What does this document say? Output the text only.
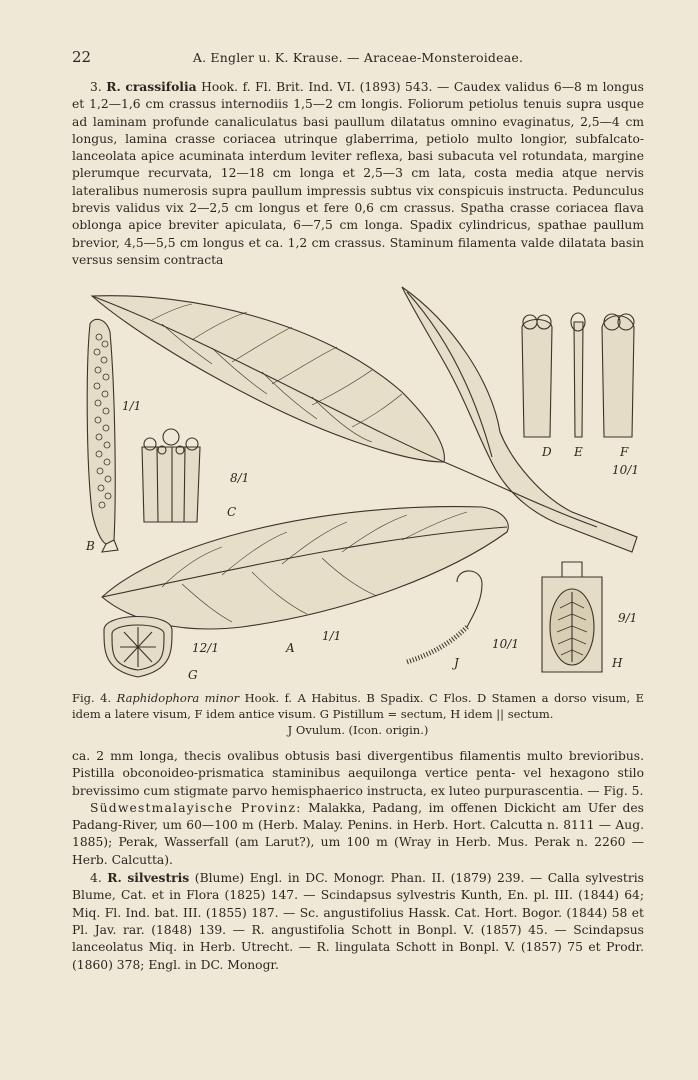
22	A. Engler u. K. Krause. — Araceae-Monsteroideae.

3. R. crassifolia Hook. f. Fl. Brit. Ind. VI. (1893) 543. — Caudex validus 6—8 m longus et 1,2—1,6 cm crassus internodiis 1,5—2 cm longis. Foliorum petiolus tenuis supra usque ad laminam profunde canaliculatus basi paullum dilatatus omnino evaginatus, 2,5—4 cm longus, lamina crasse coriacea utrinque glaberrima, petiolo multo longior, subfalcato-lanceolata apice acuminata interdum leviter reflexa, basi subacuta vel rotundata, margine plerumque recurvata, 12—18 cm longa et 2,5—3 cm lata, costa media atque nervis lateralibus numerosis supra paullum impressis subtus vix conspicuis instructa. Pedunculus brevis validus vix 2—2,5 cm longus et fere 0,6 cm crassus. Spatha crasse coriacea flava oblonga apice breviter apiculata, 6—7,5 cm longa. Spadix cylindricus, spathae paullum brevior, 4,5—5,5 cm longus et ca. 1,2 cm crassus. Staminum filamenta valde dilatata basin versus sensim contracta

1/1
B
8/1
C
D E	F
10/1
1/1
A
12/1
G
10/1
J
9/1
H
Fig. 4. Raphidophora minor Hook. f. A Habitus. B Spadix. C Flos. D Stamen a dorso visum, E idem a latere visum, F idem antice visum. G Pistillum = sectum, H idem || sectum.
J Ovulum. (Icon. origin.)

ca. 2 mm longa, thecis ovalibus obtusis basi divergentibus filamentis multo brevioribus. Pistilla obconoideo-prismatica staminibus aequilonga vertice penta- vel hexagono stilo brevissimo cum stigmate parvo hemisphaerico instructa, ex luteo purpurascentia. — Fig. 5.

Südwestmalayische Provinz: Malakka, Padang, im offenen Dickicht am Ufer des Padang-River, um 60—100 m (Herb. Malay. Penins. in Herb. Hort. Calcutta n. 8111 — Aug. 1885); Perak, Wasserfall (am Larut?), um 100 m (Wray in Herb. Mus. Perak n. 2260 — Herb. Calcutta).

4. R. silvestris (Blume) Engl. in DC. Monogr. Phan. II. (1879) 239. — Calla sylvestris Blume, Cat. et in Flora (1825) 147. — Scindapsus sylvestris Kunth, En. pl. III. (1844) 64; Miq. Fl. Ind. bat. III. (1855) 187. — Sc. angustifolius Hassk. Cat. Hort. Bogor. (1844) 58 et Pl. Jav. rar. (1848) 139. — R. angustifolia Schott in Bonpl. V. (1857) 45. — Scindapsus lanceolatus Miq. in Herb. Utrecht. — R. lingulata Schott in Bonpl. V. (1857) 75 et Prodr. (1860) 378; Engl. in DC. Monogr.
